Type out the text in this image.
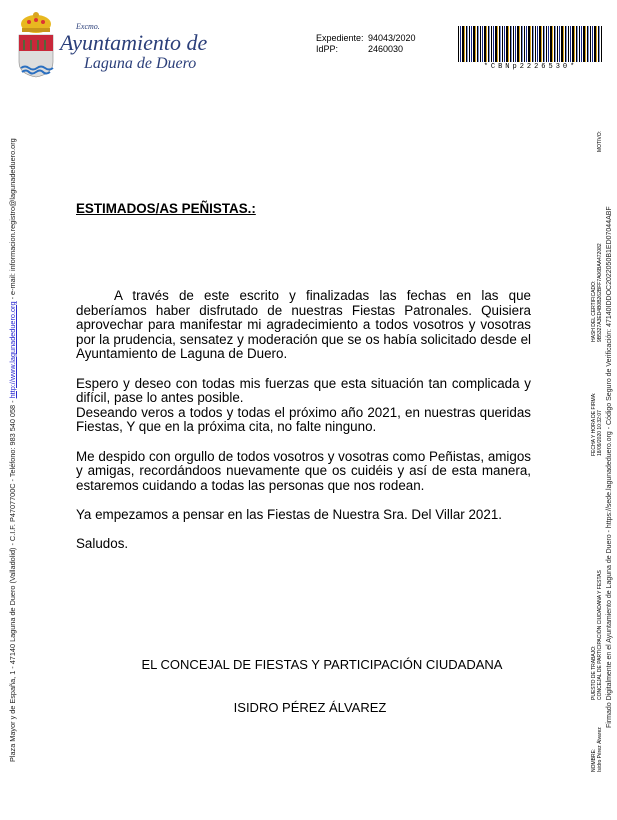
Excmo.
Ayuntamiento de
Laguna de Duero
Expediente: 94043/2020
IdPP:	2460030
*CBNp2226530*
Plaza Mayor y de España, 1 - 47140 Laguna de Duero (Valladolid) - C.I.F. P4707700C - Teléfono: 983 540 058 - http://www.lagunadeduero.org - e-mail: informacion.registro@lagunadeduero.org	MOTIVO:
HASH DEL CERTIFICADO: 9B5327A3ED4B0B262BFF7A06BAA472082
FECHA Y HORA DE FIRMA: 18/09/2020 10:32:07
PUESTO DE TRABAJO: CONCEJAL DE PARTICIPACIÓN CIUDADANA Y FESTAS
NOMBRE: Isidro Pérez Álvarez
Firmado Digitalmente en el Ayuntamiento de Laguna de Duero - https://sede.lagunadeduero.org - Código Seguro de Verificación: 47140IDDOC2022050B1ED07044ABF
ESTIMADOS/AS PEÑISTAS.:

A través de este escrito y finalizadas las fechas en las que deberíamos haber disfrutado de nuestras Fiestas Patronales. Quisiera aprovechar para manifestar mi agradecimiento a todos vosotros y vosotras por la prudencia, sensatez y moderación que se os había solicitado desde el Ayuntamiento de Laguna de Duero.

Espero y deseo con todas mis fuerzas que esta situación tan complicada y difícil, pase lo antes posible.

Deseando veros a todos y todas el próximo año 2021, en nuestras queridas Fiestas, Y que en la próxima cita, no falte ninguno.

Me despido con orgullo de todos vosotros y vosotras como Peñistas, amigos y amigas, recordándoos nuevamente que os cuidéis y así de esta manera, estaremos cuidando a todas las personas que nos rodean.

Ya empezamos a pensar en las Fiestas de Nuestra Sra. Del Villar 2021.

Saludos.

EL CONCEJAL DE FIESTAS Y PARTICIPACIÓN CIUDADANA
ISIDRO PÉREZ ÁLVAREZ
